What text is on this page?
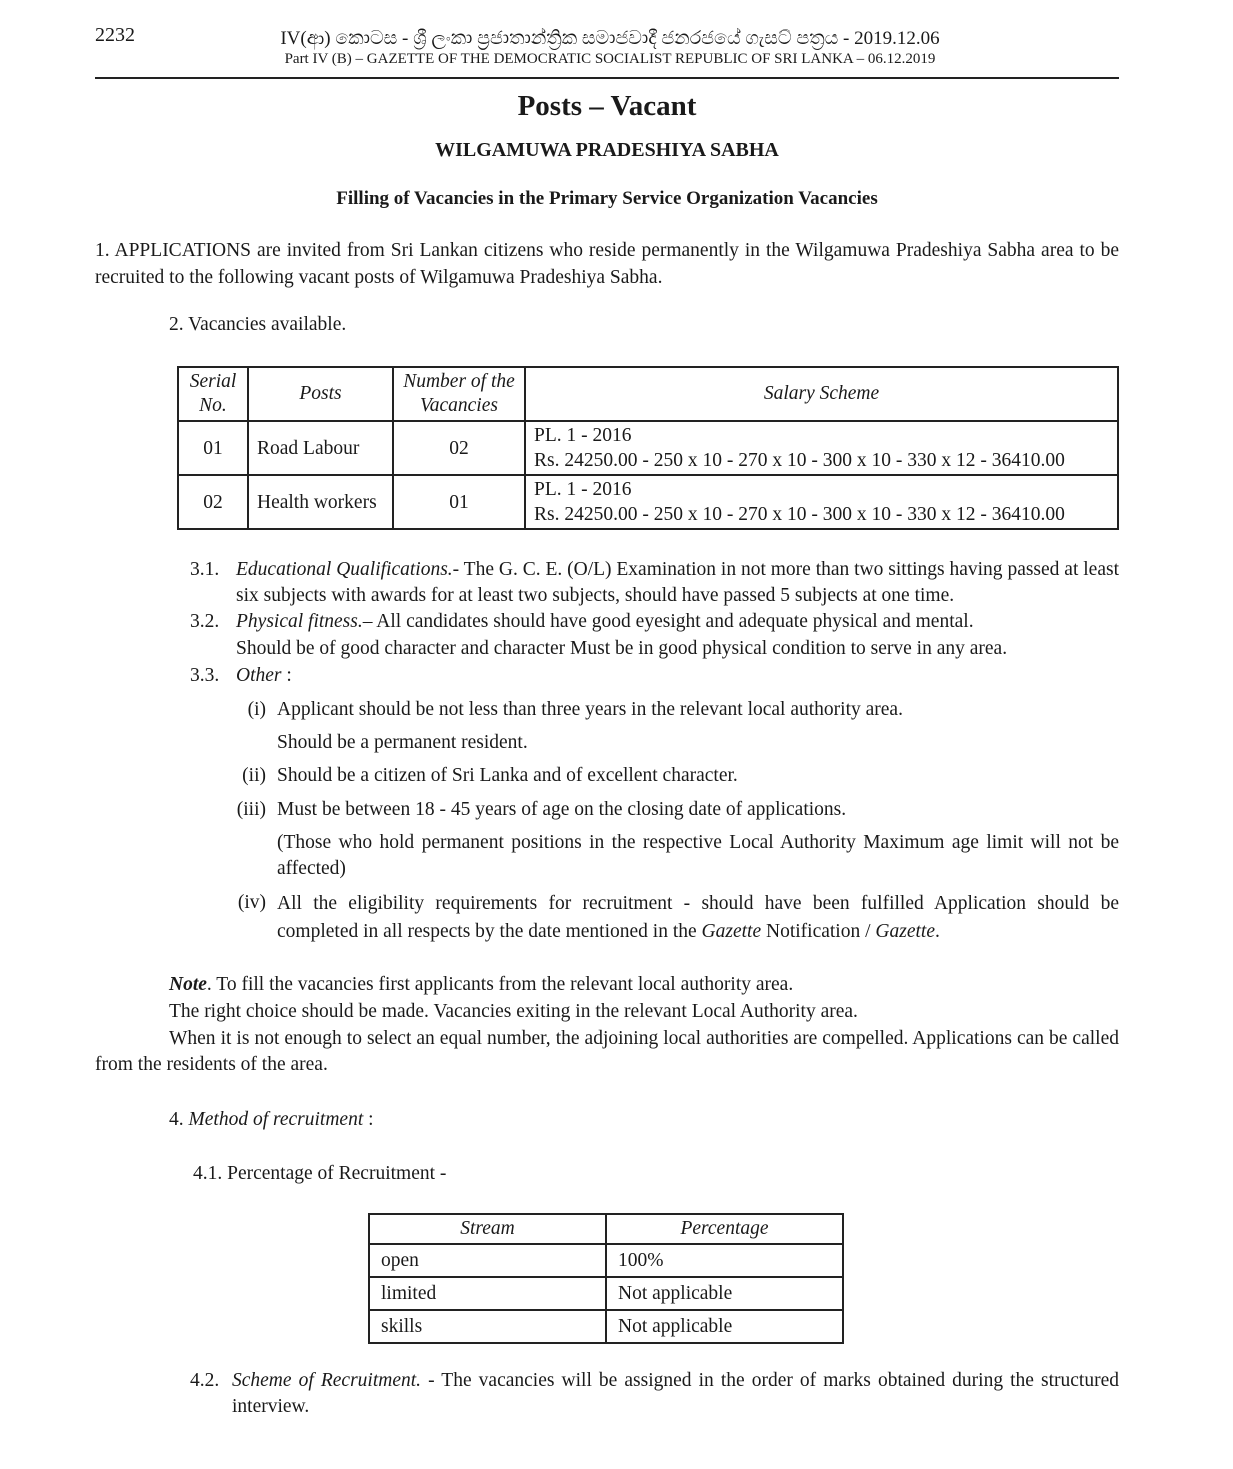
2232	IV(ආ) කොටස - ශ්‍රී ලංකා ප්‍රජාතාන්ත්‍රික සමාජවාදී ජනරජයේ ගැසට් පත්‍රය - 2019.12.06
Part IV (B) – GAZETTE OF THE DEMOCRATIC SOCIALIST REPUBLIC OF SRI LANKA – 06.12.2019
Posts – Vacant
WILGAMUWA PRADESHIYA SABHA
Filling of Vacancies in the Primary Service Organization Vacancies
1. APPLICATIONS are invited from Sri Lankan citizens who reside permanently in the Wilgamuwa Pradeshiya Sabha area to be recruited to the following vacant posts of Wilgamuwa Pradeshiya Sabha.
2. Vacancies available.
Serial No.	Posts	Number of the Vacancies	Salary Scheme
01	Road Labour	02	PL. 1 - 2016
Rs. 24250.00 - 250 x 10 - 270 x 10 - 300 x 10 - 330 x 12 - 36410.00

02	Health workers	01	PL. 1 - 2016
Rs. 24250.00 - 250 x 10 - 270 x 10 - 300 x 10 - 330 x 12 - 36410.00
3.1. Educational Qualifications.- The G. C. E. (O/L) Examination in not more than two sittings having passed at least six subjects with awards for at least two subjects, should have passed 5 subjects at one time.
3.2. Physical fitness.– All candidates should have good eyesight and adequate physical and mental.
Should be of good character and character Must be in good physical condition to serve in any area.
3.3. Other :
(i) Applicant should be not less than three years in the relevant local authority area.
Should be a permanent resident.
(ii) Should be a citizen of Sri Lanka and of excellent character.
(iii) Must be between 18 - 45 years of age on the closing date of applications.
(Those who hold permanent positions in the respective Local Authority Maximum age limit will not be affected)
(iv) All the eligibility requirements for recruitment - should have been fulfilled Application should be completed in all respects by the date mentioned in the Gazette Notification / Gazette.
Note. To fill the vacancies first applicants from the relevant local authority area.
The right choice should be made. Vacancies exiting in the relevant Local Authority area.
When it is not enough to select an equal number, the adjoining local authorities are compelled. Applications can be called from the residents of the area.
4. Method of recruitment :
4.1. Percentage of Recruitment -
Stream	Percentage
open	100%
limited	Not applicable
skills	Not applicable
4.2. Scheme of Recruitment. - The vacancies will be assigned in the order of marks obtained during the structured interview.
